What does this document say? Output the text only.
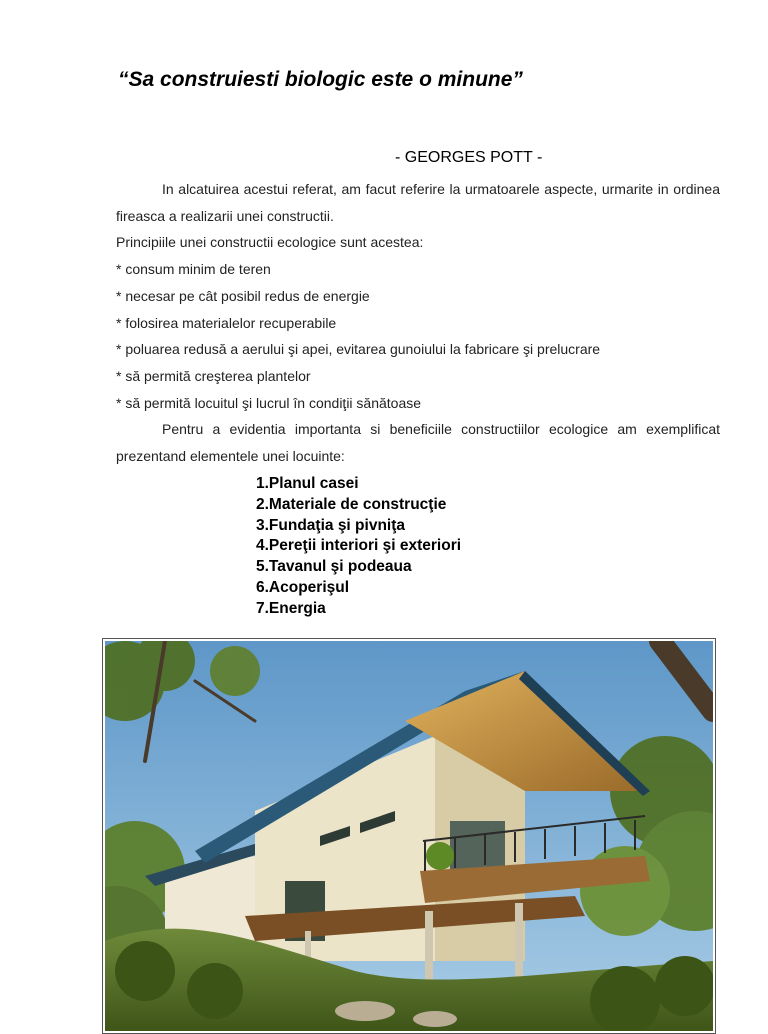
“Sa construiesti biologic este o minune”
- GEORGES POTT -

In alcatuirea acestui referat, am facut referire la urmatoarele aspecte, urmarite in ordinea fireasca a realizarii unei constructii.

Principiile unei constructii ecologice sunt acestea:

* consum minim de teren

* necesar pe cât posibil redus de energie

* folosirea materialelor recuperabile

* poluarea redusă a aerului şi apei, evitarea gunoiului la fabricare şi prelucrare

* să permită creşterea plantelor

* să permită locuitul şi lucrul în condiţii sănătoase

Pentru a evidentia importanta si beneficiile constructiilor ecologice am exemplificat prezentand elementele unei locuinte:

1.Planul casei
2.Materiale de construcţie
3.Fundaţia şi pivniţa
4.Pereţii interiori şi exteriori
5.Tavanul şi podeaua
6.Acoperişul
7.Energia
